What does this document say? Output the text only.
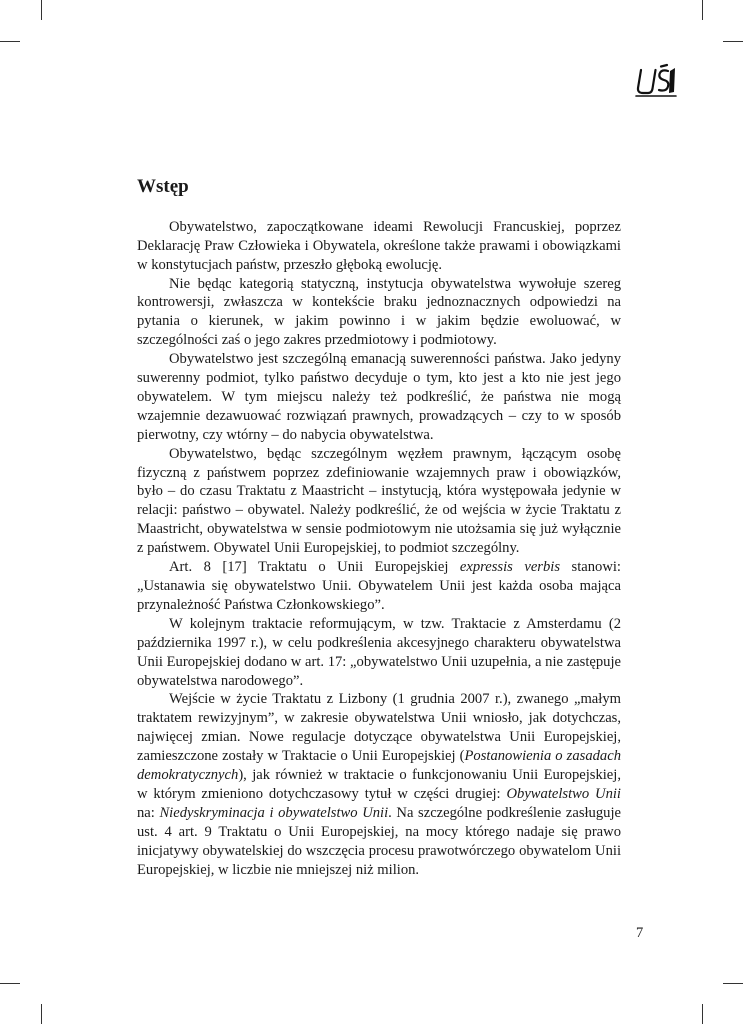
Wstęp

Obywatelstwo, zapoczątkowane ideami Rewolucji Francuskiej, poprzez Deklarację Praw Człowieka i Obywatela, określone także prawami i obowiązkami w konstytucjach państw, przeszło głęboką ewolucję.

Nie będąc kategorią statyczną, instytucja obywatelstwa wywołuje szereg kontrowersji, zwłaszcza w kontekście braku jednoznacznych odpowiedzi na pytania o kierunek, w jakim powinno i w jakim będzie ewoluować, w szczególności zaś o jego zakres przedmiotowy i podmiotowy.

Obywatelstwo jest szczególną emanacją suwerenności państwa. Jako jedyny suwerenny podmiot, tylko państwo decyduje o tym, kto jest a kto nie jest jego obywatelem. W tym miejscu należy też podkreślić, że państwa nie mogą wzajemnie dezawuować rozwiązań prawnych, prowadzących – czy to w sposób pierwotny, czy wtórny – do nabycia obywatelstwa.

Obywatelstwo, będąc szczególnym węzłem prawnym, łączącym osobę fizyczną z państwem poprzez zdefiniowanie wzajemnych praw i obowiązków, było – do czasu Traktatu z Maastricht – instytucją, która występowała jedynie w relacji: państwo – obywatel. Należy podkreślić, że od wejścia w życie Traktatu z Maastricht, obywatelstwa w sensie podmiotowym nie utożsamia się już wyłącznie z państwem. Obywatel Unii Europejskiej, to podmiot szczególny.

Art. 8 [17] Traktatu o Unii Europejskiej expressis verbis stanowi: „Ustanawia się obywatelstwo Unii. Obywatelem Unii jest każda osoba mająca przynależność Państwa Członkowskiego”.

W kolejnym traktacie reformującym, w tzw. Traktacie z Amsterdamu (2 października 1997 r.), w celu podkreślenia akcesyjnego charakteru obywatelstwa Unii Europejskiej dodano w art. 17: „obywatelstwo Unii uzupełnia, a nie zastępuje obywatelstwa narodowego”.

Wejście w życie Traktatu z Lizbony (1 grudnia 2007 r.), zwanego „małym traktatem rewizyjnym”, w zakresie obywatelstwa Unii wniosło, jak dotychczas, najwięcej zmian. Nowe regulacje dotyczące obywatelstwa Unii Europejskiej, zamieszczone zostały w Traktacie o Unii Europejskiej (Postanowienia o zasadach demokratycznych), jak również w traktacie o funkcjonowaniu Unii Europejskiej, w którym zmieniono dotychczasowy tytuł w części drugiej: Obywatelstwo Unii na: Niedyskryminacja i obywatelstwo Unii. Na szczególne podkreślenie zasługuje ust. 4 art. 9 Traktatu o Unii Europejskiej, na mocy którego nadaje się prawo inicjatywy obywatelskiej do wszczęcia procesu prawotwórczego obywatelom Unii Europejskiej, w liczbie nie mniejszej niż milion.

7
